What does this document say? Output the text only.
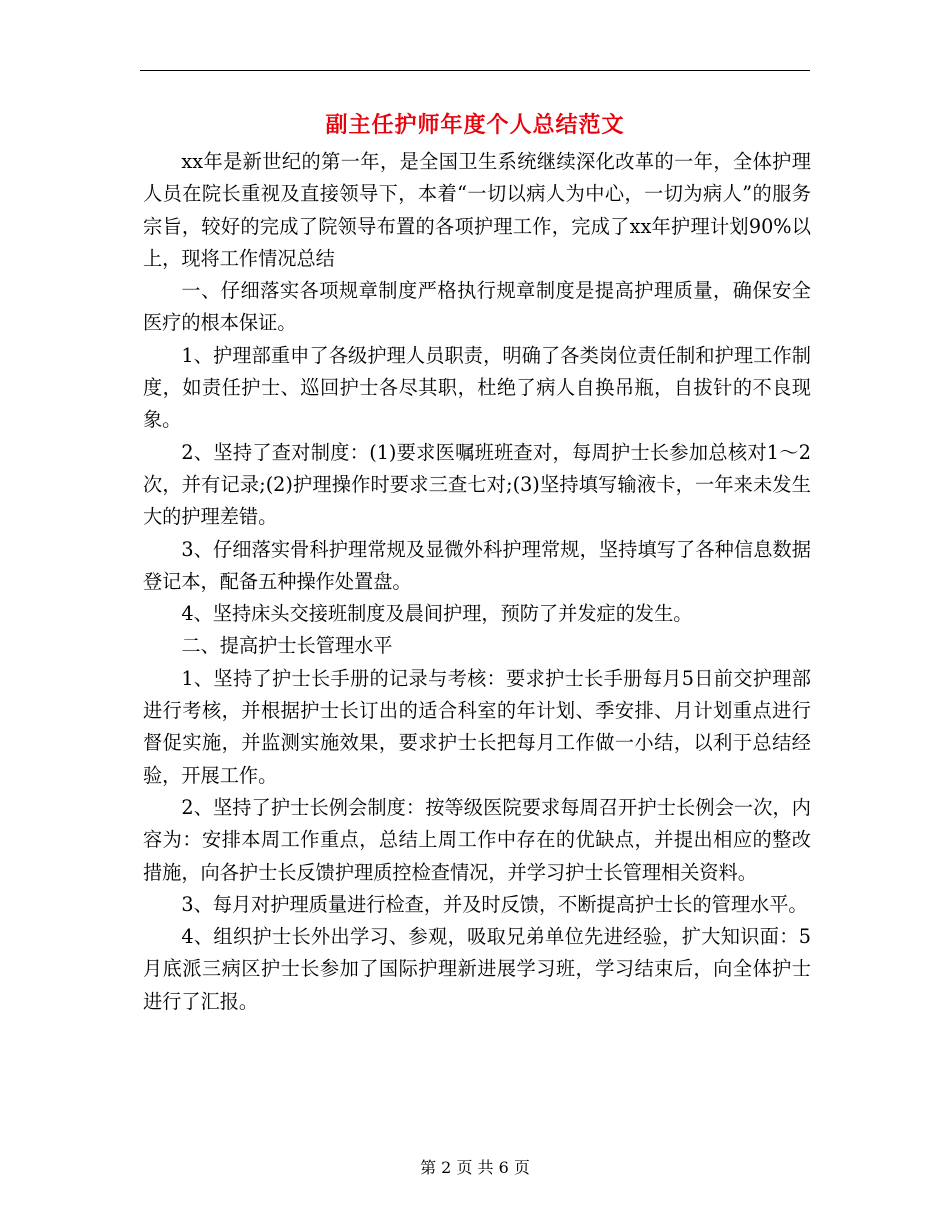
副主任护师年度个人总结范文

xx年是新世纪的第一年，是全国卫生系统继续深化改革的一年，全体护理人员在院长重视及直接领导下，本着“一切以病人为中心，一切为病人”的服务宗旨，较好的完成了院领导布置的各项护理工作，完成了xx年护理计划90%以上，现将工作情况总结

一、仔细落实各项规章制度严格执行规章制度是提高护理质量，确保安全医疗的根本保证。

1、护理部重申了各级护理人员职责，明确了各类岗位责任制和护理工作制度，如责任护士、巡回护士各尽其职，杜绝了病人自换吊瓶，自拔针的不良现象。

2、坚持了查对制度：(1)要求医嘱班班查对，每周护士长参加总核对1～2次，并有记录;(2)护理操作时要求三查七对;(3)坚持填写输液卡，一年来未发生大的护理差错。

3、仔细落实骨科护理常规及显微外科护理常规，坚持填写了各种信息数据登记本，配备五种操作处置盘。

4、坚持床头交接班制度及晨间护理，预防了并发症的发生。

二、提高护士长管理水平

1、坚持了护士长手册的记录与考核：要求护士长手册每月5日前交护理部进行考核，并根据护士长订出的适合科室的年计划、季安排、月计划重点进行督促实施，并监测实施效果，要求护士长把每月工作做一小结，以利于总结经验，开展工作。

2、坚持了护士长例会制度：按等级医院要求每周召开护士长例会一次，内容为：安排本周工作重点，总结上周工作中存在的优缺点，并提出相应的整改措施，向各护士长反馈护理质控检查情况，并学习护士长管理相关资料。

3、每月对护理质量进行检查，并及时反馈，不断提高护士长的管理水平。

4、组织护士长外出学习、参观，吸取兄弟单位先进经验，扩大知识面：5月底派三病区护士长参加了国际护理新进展学习班，学习结束后，向全体护士进行了汇报。

第 2 页 共 6 页
